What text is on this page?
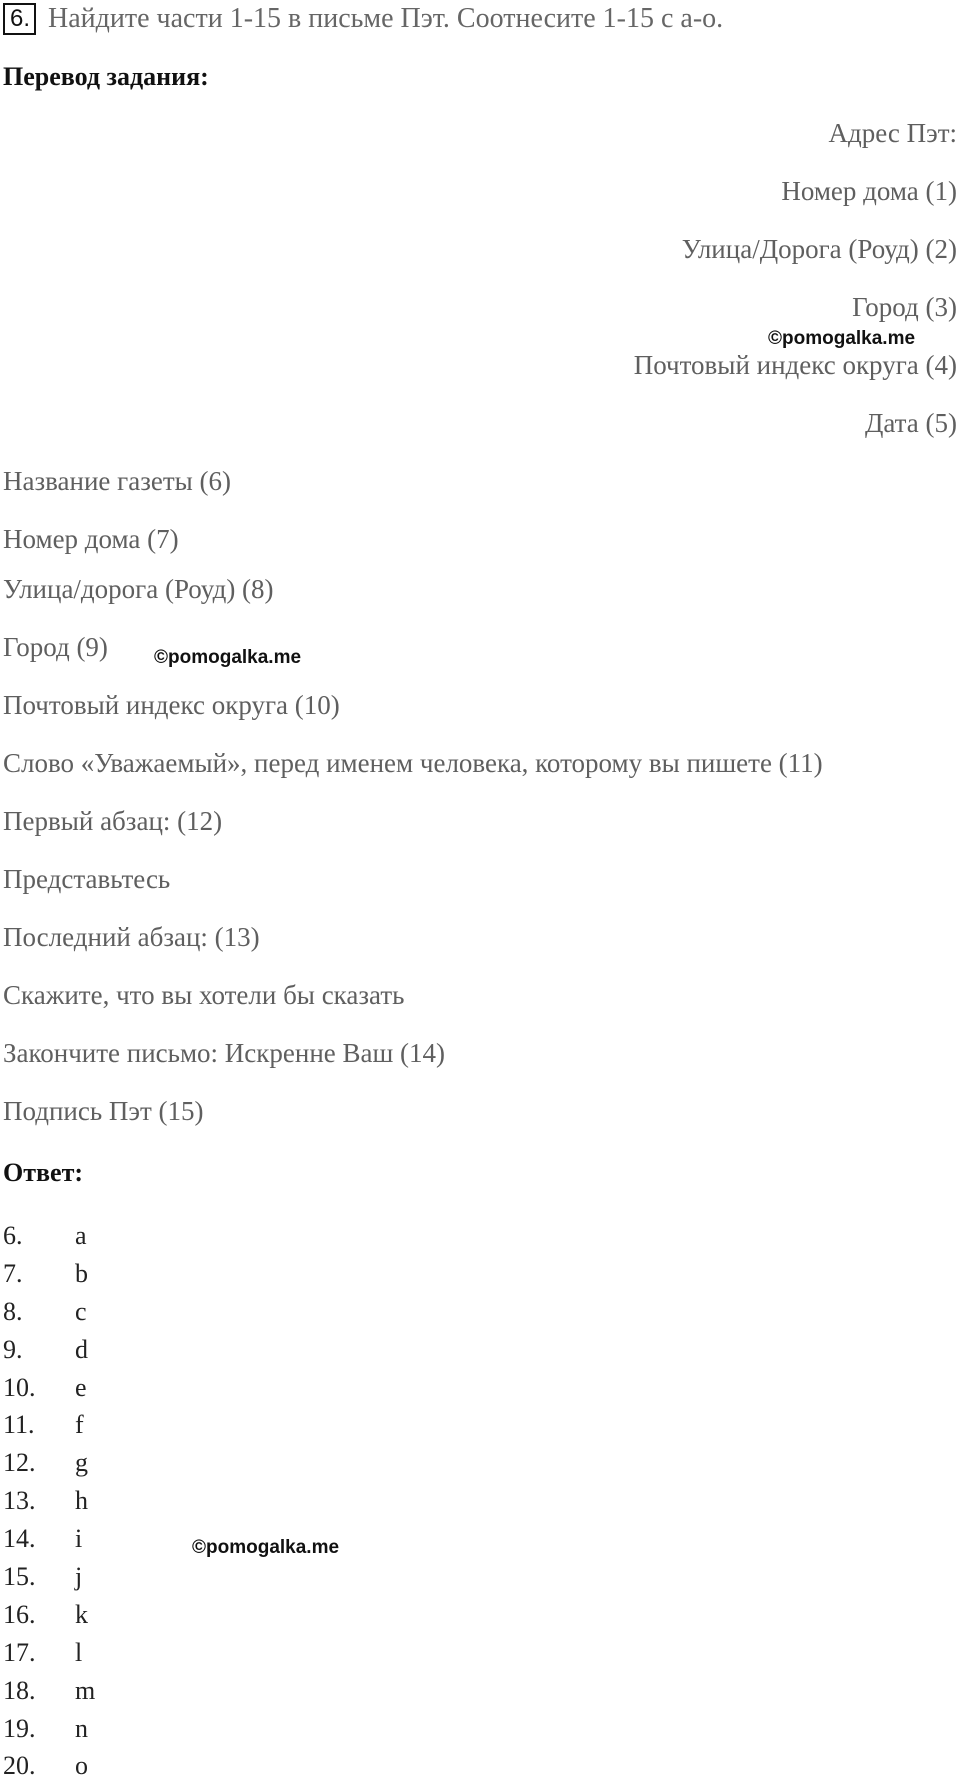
6. Найдите части 1-15 в письме Пэт. Соотнесите 1-15 с a-o.
Перевод задания:
Адрес Пэт:
Номер дома (1)
Улица/Дорога (Роуд) (2)
Город (3)
Почтовый индекс округа (4)
Дата (5)
©pomogalka.me
Название газеты (6)
Номер дома (7)
Улица/дорога (Роуд) (8)
Город (9)
Почтовый индекс округа (10)
Слово «Уважаемый», перед именем человека, которому вы пишете (11)
Первый абзац: (12)
Представьтесь
Последний абзац: (13)
Скажите, что вы хотели бы сказать
Закончите письмо: Искренне Ваш (14)
Подпись Пэт (15)
©pomogalka.me
Ответ:
6.	a
7.	b
8.	c
9.	d
10.	e
11.	f
12.	g
13.	h
14.	i
15.	j
16.	k
17.	l
18.	m
19.	n
20.	o
©pomogalka.me
